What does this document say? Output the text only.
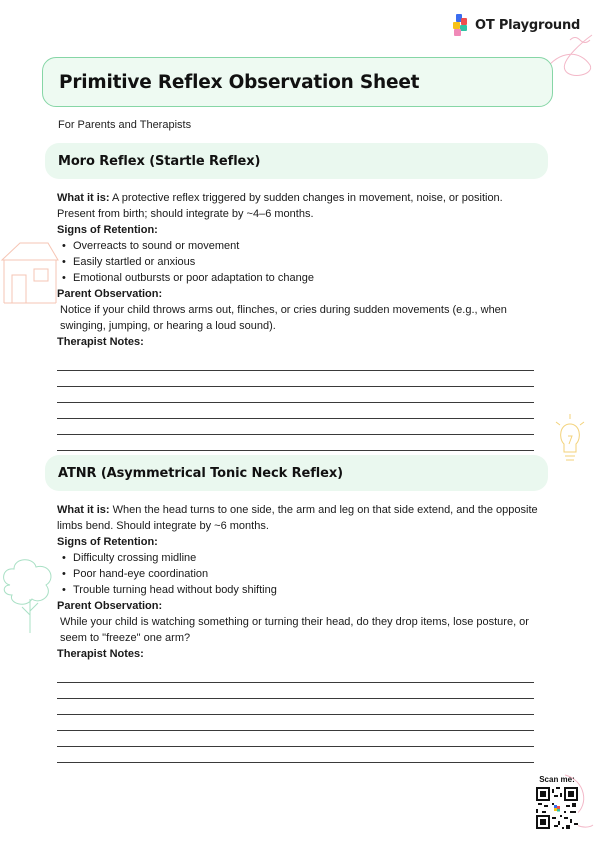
OT Playground
Primitive Reflex Observation Sheet
For Parents and Therapists
Moro Reflex (Startle Reflex)

What it is: A protective reflex triggered by sudden changes in movement, noise, or position. Present from birth; should integrate by ~4–6 months.

Signs of Retention:

• Overreacts to sound or movement
• Easily startled or anxious
• Emotional outbursts or poor adaptation to change

Parent Observation:

Notice if your child throws arms out, flinches, or cries during sudden movements (e.g., when swinging, jumping, or hearing a loud sound).

Therapist Notes:

ATNR (Asymmetrical Tonic Neck Reflex)

What it is: When the head turns to one side, the arm and leg on that side extend, and the opposite limbs bend. Should integrate by ~6 months.

Signs of Retention:

• Difficulty crossing midline
• Poor hand-eye coordination
• Trouble turning head without body shifting

Parent Observation:

While your child is watching something or turning their head, do they drop items, lose posture, or seem to "freeze" one arm?

Therapist Notes:

Scan me:
